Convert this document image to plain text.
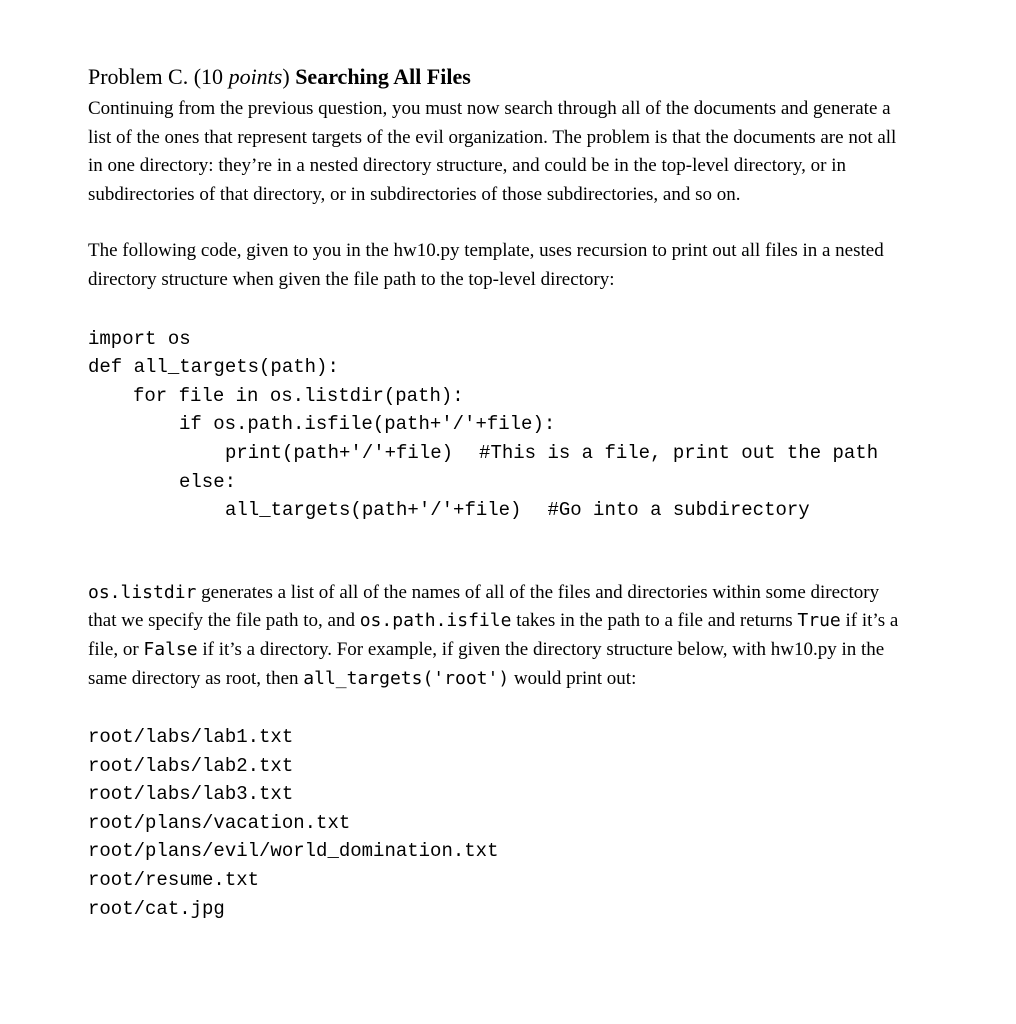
Problem C. (10 points) Searching All Files

Continuing from the previous question, you must now search through all of the documents and generate a list of the ones that represent targets of the evil organization. The problem is that the documents are not all in one directory: they’re in a nested directory structure, and could be in the top-level directory, or in subdirectories of that directory, or in subdirectories of those subdirectories, and so on.

The following code, given to you in the hw10.py template, uses recursion to print out all files in a nested directory structure when given the file path to the top-level directory:

import os
def all_targets(path):
for file in os.listdir(path):
if os.path.isfile(path+'/'+file):
print(path+'/'+file) #This is a file, print out the path
else:
all_targets(path+'/'+file) #Go into a subdirectory

os.listdir generates a list of all of the names of all of the files and directories within some directory that we specify the file path to, and os.path.isfile takes in the path to a file and returns True if it’s a file, or False if it’s a directory. For example, if given the directory structure below, with hw10.py in the same directory as root, then all_targets('root') would print out:

root/labs/lab1.txt
root/labs/lab2.txt
root/labs/lab3.txt
root/plans/vacation.txt
root/plans/evil/world_domination.txt
root/resume.txt
root/cat.jpg
